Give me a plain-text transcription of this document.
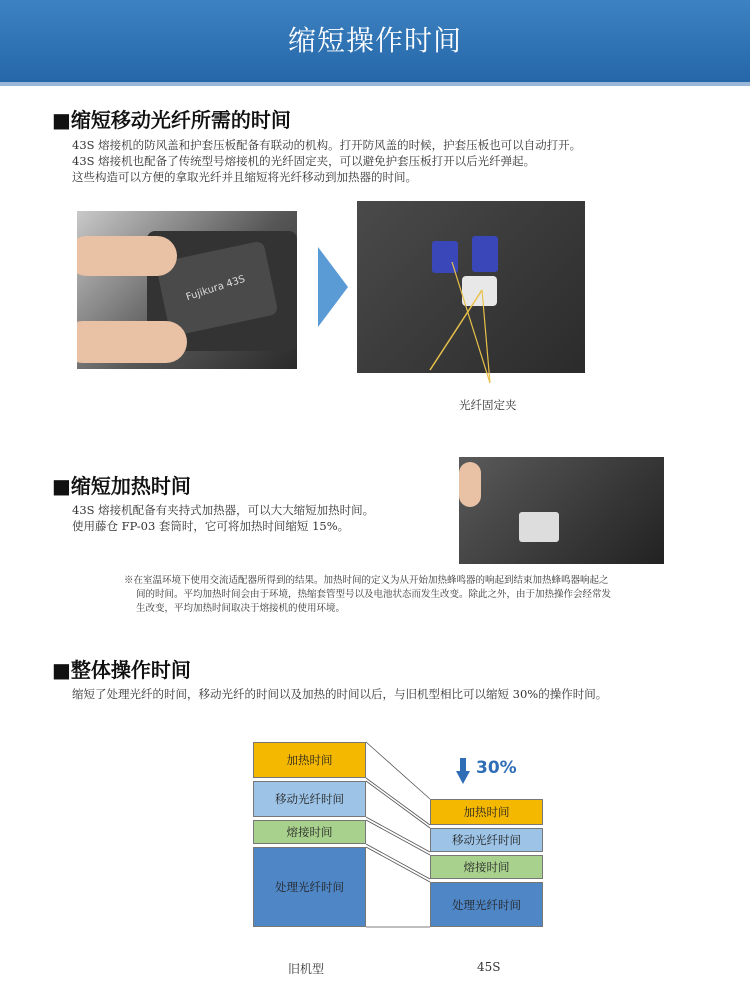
缩短操作时间
■缩短移动光纤所需的时间
43S 熔接机的防风盖和护套压板配备有联动的机构。打开防风盖的时候，护套压板也可以自动打开。
43S 熔接机也配备了传统型号熔接机的光纤固定夹，可以避免护套压板打开以后光纤弹起。
这些构造可以方便的拿取光纤并且缩短将光纤移动到加热器的时间。
Fujikura 43S
光纤固定夹
■缩短加热时间
43S 熔接机配备有夹持式加热器，可以大大缩短加热时间。
使用藤仓 FP-03 套筒时，它可将加热时间缩短 15%。
※在室温环境下使用交流适配器所得到的结果。加热时间的定义为从开始加热蜂鸣器的响起到结束加热蜂鸣器响起之
间的时间。平均加热时间会由于环境，热缩套管型号以及电池状态而发生改变。除此之外，由于加热操作会经常发
生改变，平均加热时间取决于熔接机的使用环境。
■整体操作时间
缩短了处理光纤的时间，移动光纤的时间以及加热的时间以后，与旧机型相比可以缩短 30%的操作时间。
处理光纤时间
熔接时间
移动光纤时间
加热时间
处理光纤时间
熔接时间
移动光纤时间
加热时间
30%
旧机型	45S
